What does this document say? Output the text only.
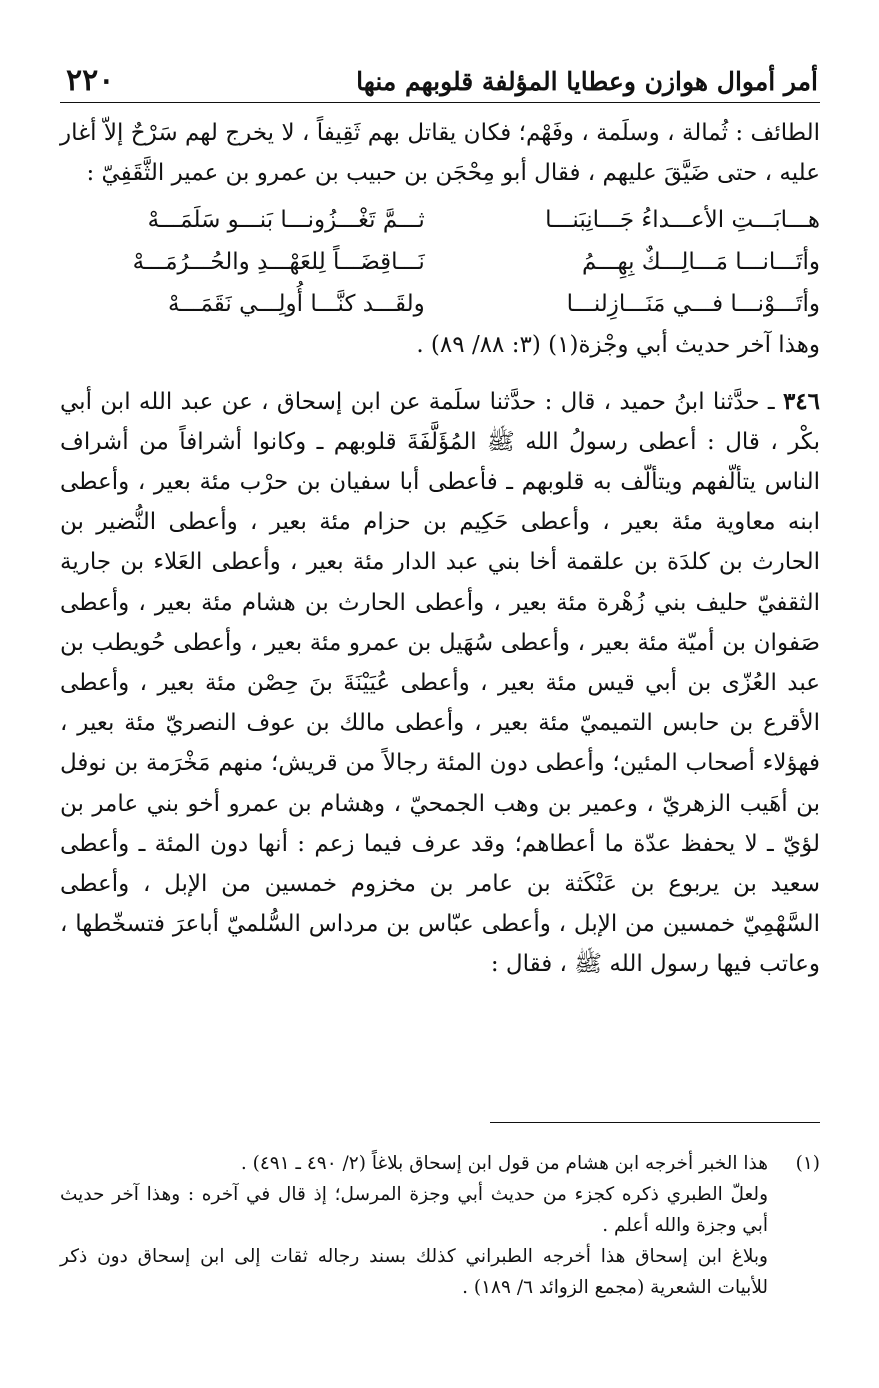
أمر أموال هوازن وعطايا المؤلفة قلوبهم منها
٢٢٠

الطائف : ثُمالة ، وسلَمة ، وفَهْم؛ فكان يقاتل بهم ثَقِيفاً ، لا يخرج لهم سَرْحٌ إلاّ أغار عليه ، حتى ضَيَّقَ عليهم ، فقال أبو مِحْجَن بن حبيب بن عمرو بن عمير الثَّقَفِيّ :

هـــابَـــتِ الأعـــداءُ جَـــانِبَنـــا
ثـــمَّ تَغْـــزُونـــا بَنـــو سَلَمَـــهْ
وأتَـــانـــا مَـــالِـــكٌ بِهِـــمُ
نَـــاقِضَـــاً لِلعَهْـــدِ والحُـــرُمَـــهْ
وأتَـــوْنـــا فـــي مَنَـــازِلنـــا
ولقَـــد كنَّـــا أُولِـــي نَقَمَـــهْ

وهذا آخر حديث أبي وجْزة(١) (٣: ٨٨/ ٨٩) .

٣٤٦ ـ حدَّثنا ابنُ حميد ، قال : حدَّثنا سلَمة عن ابن إسحاق ، عن عبد الله ابن أبي بكْر ، قال : أعطى رسولُ الله ﷺ المُؤَلَّفَةَ قلوبهم ـ وكانوا أشرافاً من أشراف الناس يتألّفهم ويتألّف به قلوبهم ـ فأعطى أبا سفيان بن حرْب مئة بعير ، وأعطى ابنه معاوية مئة بعير ، وأعطى حَكِيم بن حزام مئة بعير ، وأعطى النُّضير بن الحارث بن كلدَة بن علقمة أخا بني عبد الدار مئة بعير ، وأعطى العَلاء بن جارية الثقفيّ حليف بني زُهْرة مئة بعير ، وأعطى الحارث بن هشام مئة بعير ، وأعطى صَفوان بن أميّة مئة بعير ، وأعطى سُهَيل بن عمرو مئة بعير ، وأعطى حُويطب بن عبد العُزّى بن أبي قيس مئة بعير ، وأعطى عُيَيْنَةَ بنَ حِصْن مئة بعير ، وأعطى الأقرع بن حابس التميميّ مئة بعير ، وأعطى مالك بن عوف النصريّ مئة بعير ، فهؤلاء أصحاب المئين؛ وأعطى دون المئة رجالاً من قريش؛ منهم مَخْرَمة بن نوفل بن أهَيب الزهريّ ، وعمير بن وهب الجمحيّ ، وهشام بن عمرو أخو بني عامر بن لؤيّ ـ لا يحفظ عدّة ما أعطاهم؛ وقد عرف فيما زعم : أنها دون المئة ـ وأعطى سعيد بن يربوع بن عَنْكَثة بن عامر بن مخزوم خمسين من الإبل ، وأعطى السَّهْمِيّ خمسين من الإبل ، وأعطى عبّاس بن مرداس السُّلميّ أباعرَ فتسخّطها ، وعاتب فيها رسول الله ﷺ ، فقال :

(١)

هذا الخبر أخرجه ابن هشام من قول ابن إسحاق بلاغاً (٢/ ٤٩٠ ـ ٤٩١) .

ولعلّ الطبري ذكره كجزء من حديث أبي وجزة المرسل؛ إذ قال في آخره : وهذا آخر حديث أبي وجزة والله أعلم .

وبلاغ ابن إسحاق هذا أخرجه الطبراني كذلك بسند رجاله ثقات إلى ابن إسحاق دون ذكر للأبيات الشعرية (مجمع الزوائد ٦/ ١٨٩) .
